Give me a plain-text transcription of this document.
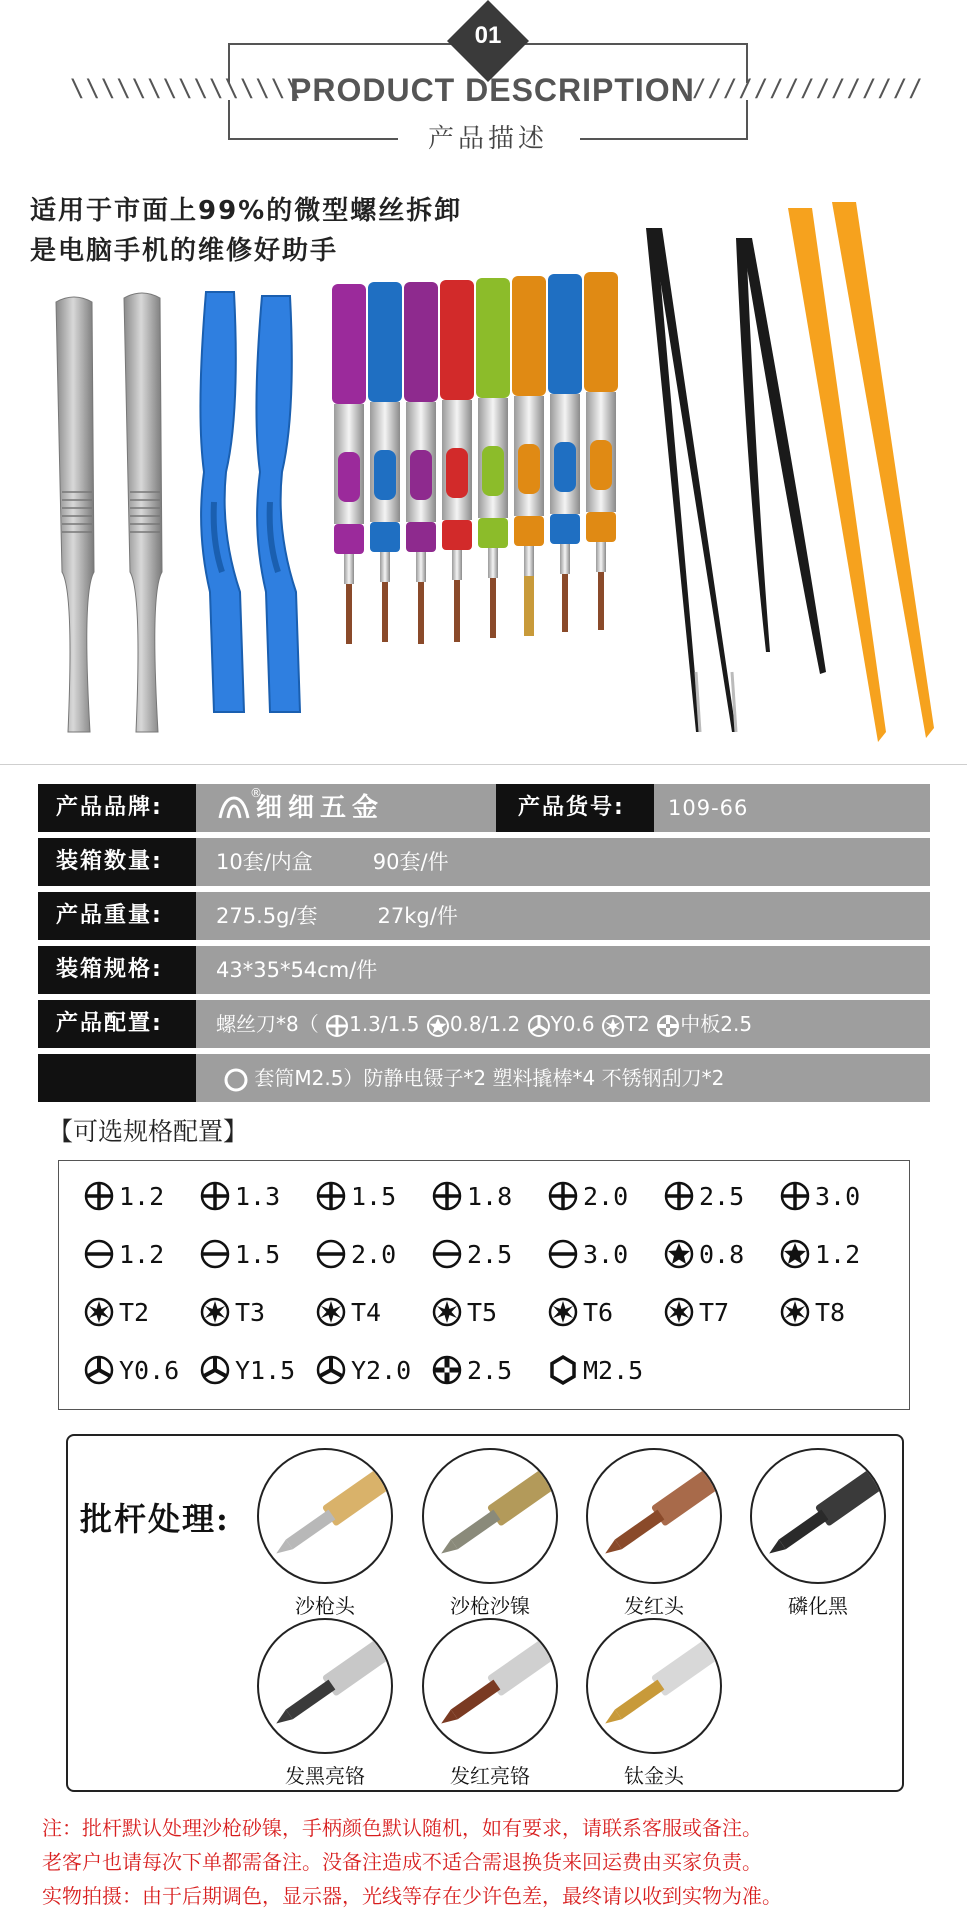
01
\\\\\\\\\\\\\\\
PRODUCT DESCRIPTION
///////////////
产品描述
适用于市面上99%的微型螺丝拆卸
是电脑手机的维修好助手
产品品牌:
®
细细五金	产品货号:	109-66
装箱数量:	10套/内盒	90套/件
产品重量:	275.5g/套	27kg/件
装箱规格:	43*35*54cm/件
产品配置:	螺丝刀*8（ 1.3/1.5 0.8/1.2 Y0.6 T2 中板2.5
套筒M2.5）防静电镊子*2 塑料撬棒*4 不锈钢刮刀*2
【可选规格配置】
1.2	1.3	1.5	1.8	2.0	2.5	3.0
1.2	1.5	2.0	2.5	3.0	0.8	1.2
T2	T3	T4	T5	T6	T7	T8
Y0.6 Y1.5 Y2.0 2.5	M2.5
批杆处理:
沙枪头	沙枪沙镍	发红头	磷化黑
发黑亮铬	发红亮铬	钛金头
注：批杆默认处理沙枪砂镍，手柄颜色默认随机，如有要求，请联系客服或备注。
老客户也请每次下单都需备注。没备注造成不适合需退换货来回运费由买家负责。
实物拍摄：由于后期调色，显示器，光线等存在少许色差，最终请以收到实物为准。
